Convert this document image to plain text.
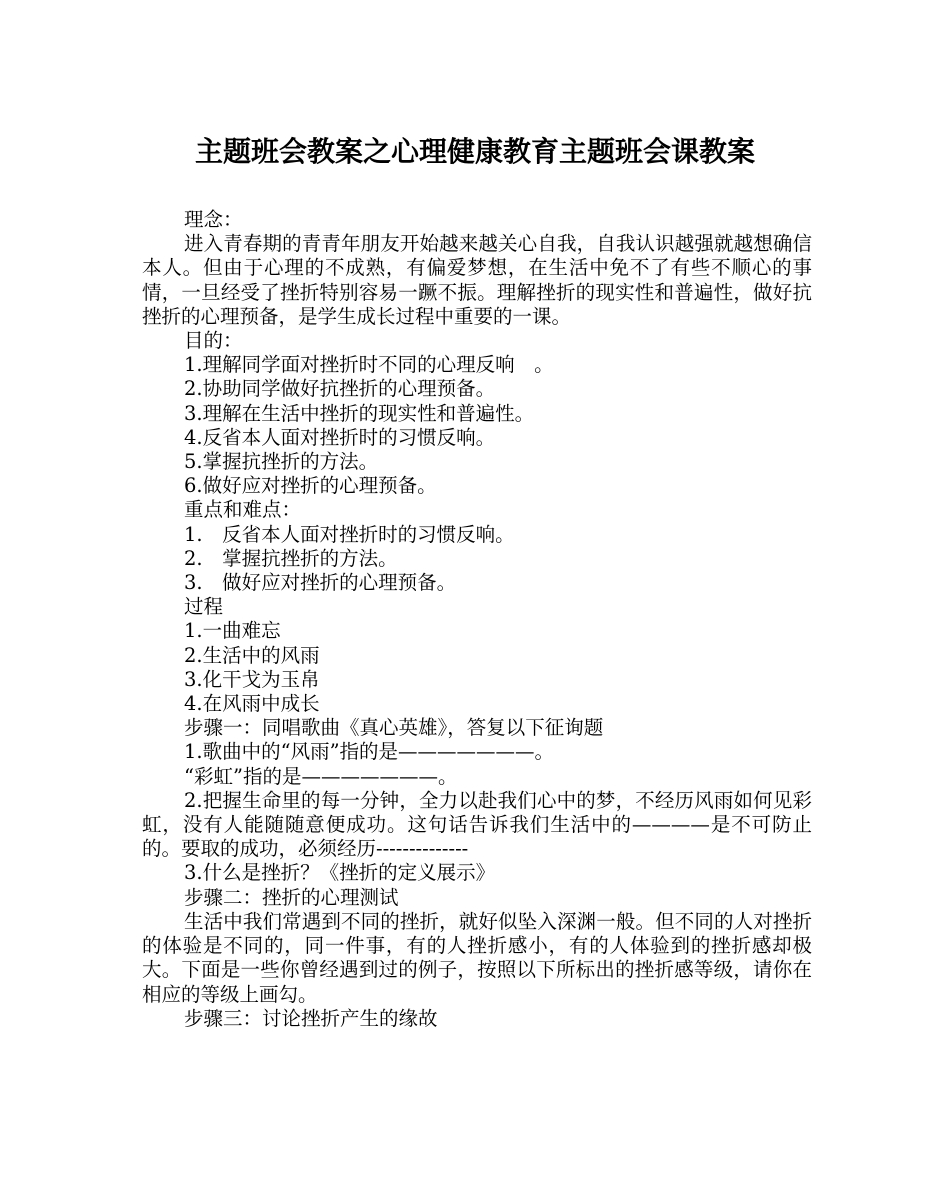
主题班会教案之心理健康教育主题班会课教案

理念：

进入青春期的青青年朋友开始越来越关心自我，自我认识越强就越想确信本人。但由于心理的不成熟，有偏爱梦想，在生活中免不了有些不顺心的事情，一旦经受了挫折特别容易一蹶不振。理解挫折的现实性和普遍性，做好抗挫折的心理预备，是学生成长过程中重要的一课。

目的：

1.理解同学面对挫折时不同的心理反响　。

2.协助同学做好抗挫折的心理预备。

3.理解在生活中挫折的现实性和普遍性。

4.反省本人面对挫折时的习惯反响。

5.掌握抗挫折的方法。

6.做好应对挫折的心理预备。

重点和难点：

1.　反省本人面对挫折时的习惯反响。

2.　掌握抗挫折的方法。

3.　做好应对挫折的心理预备。

过程

1.一曲难忘

2.生活中的风雨

3.化干戈为玉帛

4.在风雨中成长

步骤一：同唱歌曲《真心英雄》，答复以下征询题

1.歌曲中的“风雨”指的是———————。

“彩虹”指的是———————。

2.把握生命里的每一分钟，全力以赴我们心中的梦，不经历风雨如何见彩虹，没有人能随随意便成功。这句话告诉我们生活中的————是不可防止的。要取的成功，必须经历--------------

3.什么是挫折？《挫折的定义展示》

步骤二：挫折的心理测试

生活中我们常遇到不同的挫折，就好似坠入深渊一般。但不同的人对挫折的体验是不同的，同一件事，有的人挫折感小，有的人体验到的挫折感却极大。下面是一些你曾经遇到过的例子，按照以下所标出的挫折感等级，请你在相应的等级上画勾。

步骤三：讨论挫折产生的缘故
